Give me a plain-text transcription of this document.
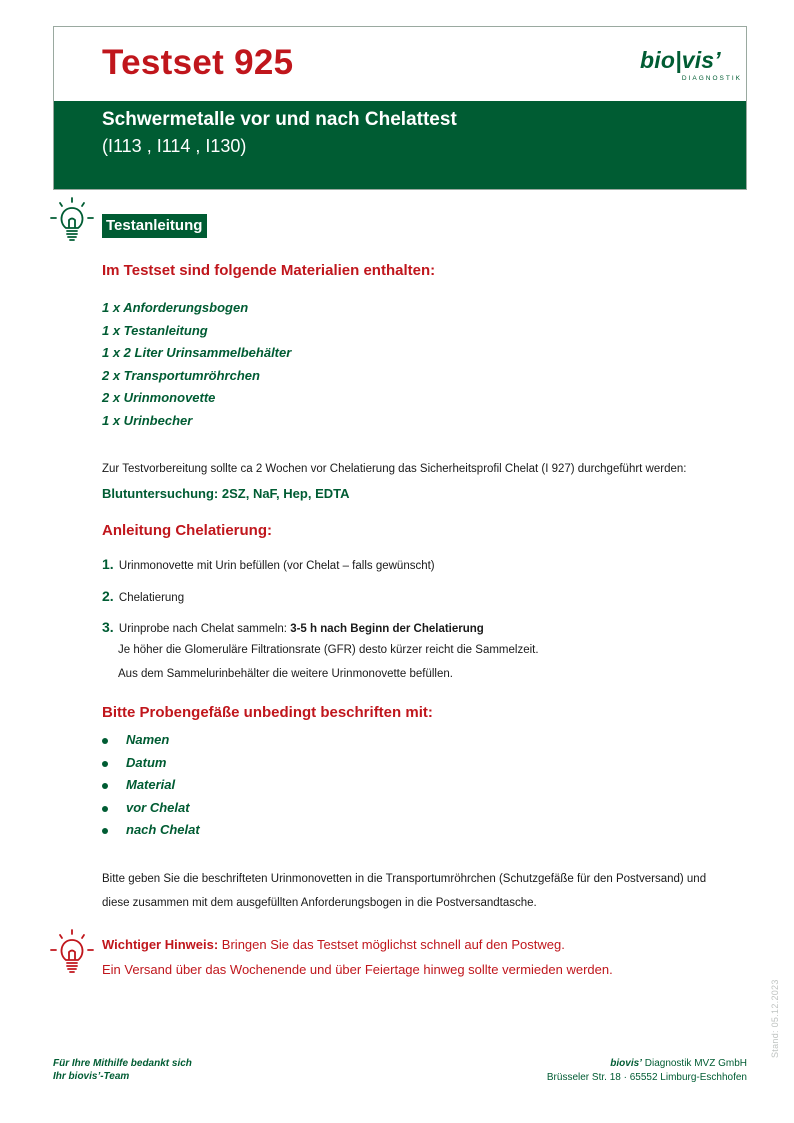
Testset 925	bio|vis’
DIAGNOSTIK
Schwermetalle vor und nach Chelattest
(I113 , I114 , I130)
Testanleitung
Im Testset sind folgende Materialien enthalten:
1 x Anforderungsbogen
1 x Testanleitung
1 x 2 Liter Urinsammelbehälter
2 x Transportumröhrchen
2 x Urinmonovette
1 x Urinbecher
Zur Testvorbereitung sollte ca 2 Wochen vor Chelatierung das Sicherheitsprofil Chelat (I 927) durchgeführt werden:
Blutuntersuchung: 2SZ, NaF, Hep, EDTA
Anleitung Chelatierung:
1. Urinmonovette mit Urin befüllen (vor Chelat – falls gewünscht)
2. Chelatierung
3. Urinprobe nach Chelat sammeln: 3-5 h nach Beginn der Chelatierung
Je höher die Glomeruläre Filtrationsrate (GFR) desto kürzer reicht die Sammelzeit.
Aus dem Sammelurinbehälter die weitere Urinmonovette befüllen.
Bitte Probengefäße unbedingt beschriften mit:
Namen
Datum
Material
vor Chelat
nach Chelat
Bitte geben Sie die beschrifteten Urinmonovetten in die Transportumröhrchen (Schutzgefäße für den Postversand) und
diese zusammen mit dem ausgefüllten Anforderungsbogen in die Postversandtasche.
Wichtiger Hinweis: Bringen Sie das Testset möglichst schnell auf den Postweg.
Ein Versand über das Wochenende und über Feiertage hinweg sollte vermieden werden.
Stand: 05.12.2023
Für Ihre Mithilfe bedankt sich
Ihr biovis’-Team
biovis’ Diagnostik MVZ GmbH
Brüsseler Str. 18 · 65552 Limburg-Eschhofen
